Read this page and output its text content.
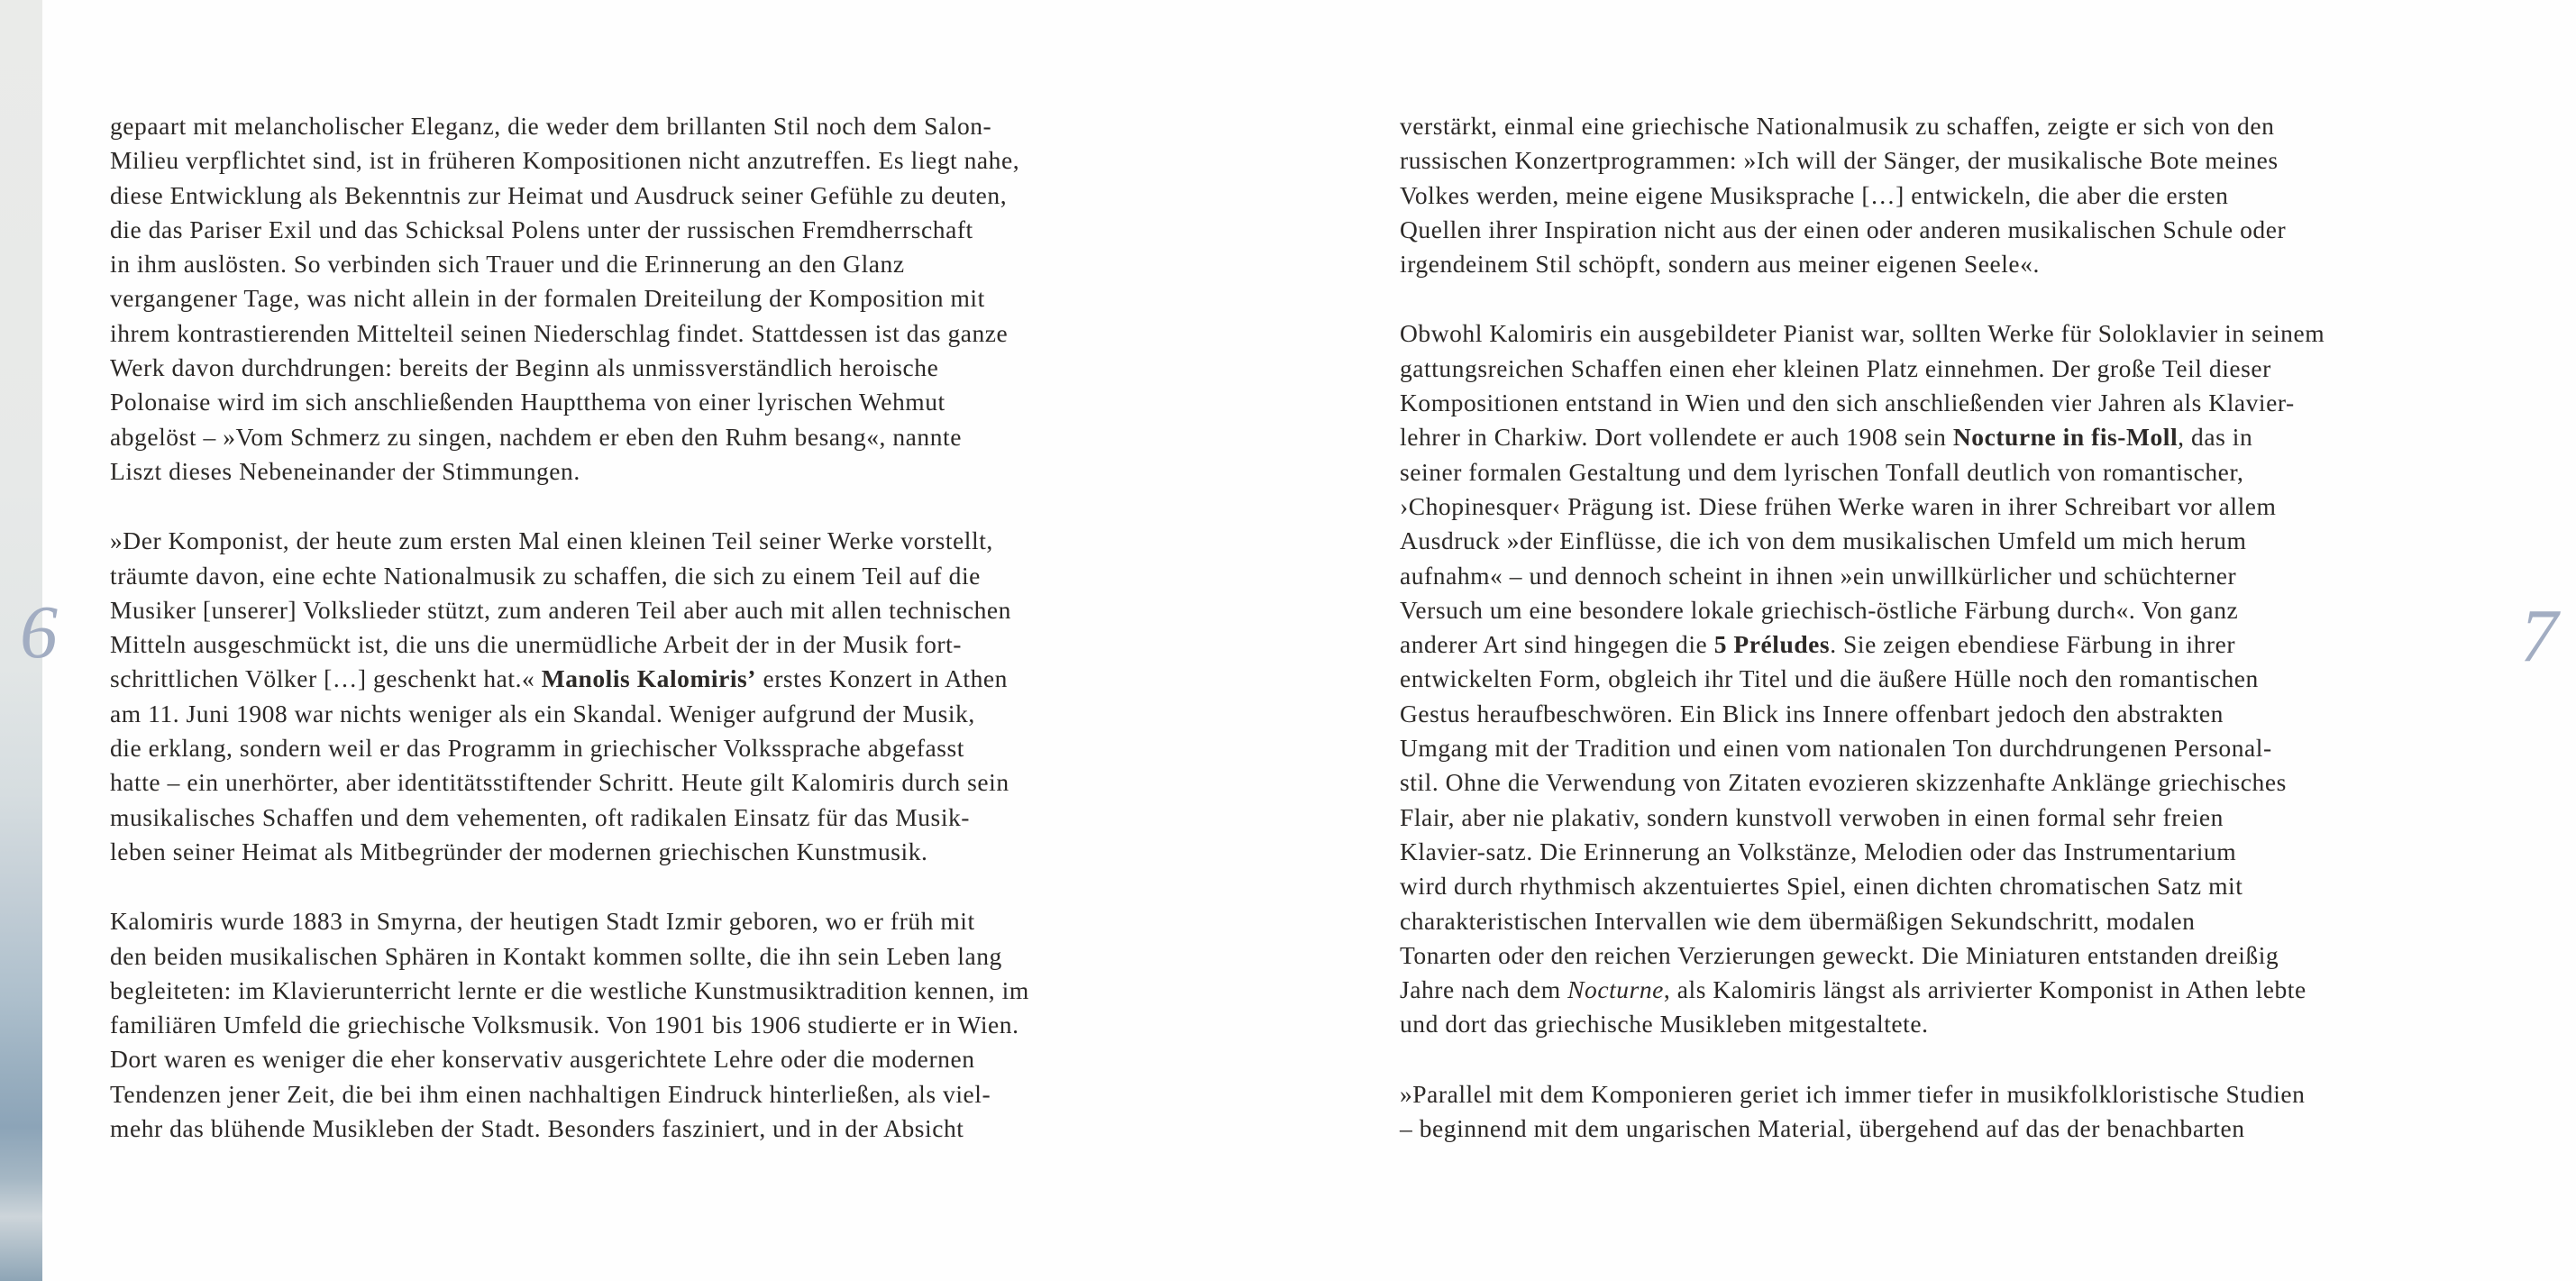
6	7
gepaart mit melancholischer Eleganz, die weder dem brillanten Stil noch dem Salon-
Milieu verpflichtet sind, ist in früheren Kompositionen nicht anzutreffen. Es liegt nahe,
diese Entwicklung als Bekenntnis zur Heimat und Ausdruck seiner Gefühle zu deuten,
die das Pariser Exil und das Schicksal Polens unter der russischen Fremdherrschaft
in ihm auslösten. So verbinden sich Trauer und die Erinnerung an den Glanz
vergangener Tage, was nicht allein in der formalen Dreiteilung der Komposition mit
ihrem kontrastierenden Mittelteil seinen Niederschlag findet. Stattdessen ist das ganze
Werk davon durchdrungen: bereits der Beginn als unmissverständlich heroische
Polonaise wird im sich anschließenden Hauptthema von einer lyrischen Wehmut
abgelöst – »Vom Schmerz zu singen, nachdem er eben den Ruhm besang«, nannte
Liszt dieses Nebeneinander der Stimmungen.
»Der Komponist, der heute zum ersten Mal einen kleinen Teil seiner Werke vorstellt,
träumte davon, eine echte Nationalmusik zu schaffen, die sich zu einem Teil auf die
Musiker [unserer] Volkslieder stützt, zum anderen Teil aber auch mit allen technischen
Mitteln ausgeschmückt ist, die uns die unermüdliche Arbeit der in der Musik fort-
schrittlichen Völker […] geschenkt hat.« Manolis Kalomiris’ erstes Konzert in Athen
am 11. Juni 1908 war nichts weniger als ein Skandal. Weniger aufgrund der Musik,
die erklang, sondern weil er das Programm in griechischer Volkssprache abgefasst
hatte – ein unerhörter, aber identitätsstiftender Schritt. Heute gilt Kalomiris durch sein
musikalisches Schaffen und dem vehementen, oft radikalen Einsatz für das Musik-
leben seiner Heimat als Mitbegründer der modernen griechischen Kunstmusik.
Kalomiris wurde 1883 in Smyrna, der heutigen Stadt Izmir geboren, wo er früh mit
den beiden musikalischen Sphären in Kontakt kommen sollte, die ihn sein Leben lang
begleiteten: im Klavierunterricht lernte er die westliche Kunstmusiktradition kennen, im
familiären Umfeld die griechische Volksmusik. Von 1901 bis 1906 studierte er in Wien.
Dort waren es weniger die eher konservativ ausgerichtete Lehre oder die modernen
Tendenzen jener Zeit, die bei ihm einen nachhaltigen Eindruck hinterließen, als viel-
mehr das blühende Musikleben der Stadt. Besonders fasziniert, und in der Absicht
verstärkt, einmal eine griechische Nationalmusik zu schaffen, zeigte er sich von den
russischen Konzertprogrammen: »Ich will der Sänger, der musikalische Bote meines
Volkes werden, meine eigene Musiksprache […] entwickeln, die aber die ersten
Quellen ihrer Inspiration nicht aus der einen oder anderen musikalischen Schule oder
irgendeinem Stil schöpft, sondern aus meiner eigenen Seele«.
Obwohl Kalomiris ein ausgebildeter Pianist war, sollten Werke für Soloklavier in seinem
gattungsreichen Schaffen einen eher kleinen Platz einnehmen. Der große Teil dieser
Kompositionen entstand in Wien und den sich anschließenden vier Jahren als Klavier-
lehrer in Charkiw. Dort vollendete er auch 1908 sein Nocturne in fis-Moll, das in
seiner formalen Gestaltung und dem lyrischen Tonfall deutlich von romantischer,
›Chopinesquer‹ Prägung ist. Diese frühen Werke waren in ihrer Schreibart vor allem
Ausdruck »der Einflüsse, die ich von dem musikalischen Umfeld um mich herum
aufnahm« – und dennoch scheint in ihnen »ein unwillkürlicher und schüchterner
Versuch um eine besondere lokale griechisch-östliche Färbung durch«. Von ganz
anderer Art sind hingegen die 5 Préludes. Sie zeigen ebendiese Färbung in ihrer
entwickelten Form, obgleich ihr Titel und die äußere Hülle noch den romantischen
Gestus heraufbeschwören. Ein Blick ins Innere offenbart jedoch den abstrakten
Umgang mit der Tradition und einen vom nationalen Ton durchdrungenen Personal-
stil. Ohne die Verwendung von Zitaten evozieren skizzenhafte Anklänge griechisches
Flair, aber nie plakativ, sondern kunstvoll verwoben in einen formal sehr freien
Klavier-satz. Die Erinnerung an Volkstänze, Melodien oder das Instrumentarium
wird durch rhythmisch akzentuiertes Spiel, einen dichten chromatischen Satz mit
charakteristischen Intervallen wie dem übermäßigen Sekundschritt, modalen
Tonarten oder den reichen Verzierungen geweckt. Die Miniaturen entstanden dreißig
Jahre nach dem Nocturne, als Kalomiris längst als arrivierter Komponist in Athen lebte
und dort das griechische Musikleben mitgestaltete.
»Parallel mit dem Komponieren geriet ich immer tiefer in musikfolkloristische Studien
– beginnend mit dem ungarischen Material, übergehend auf das der benachbarten
